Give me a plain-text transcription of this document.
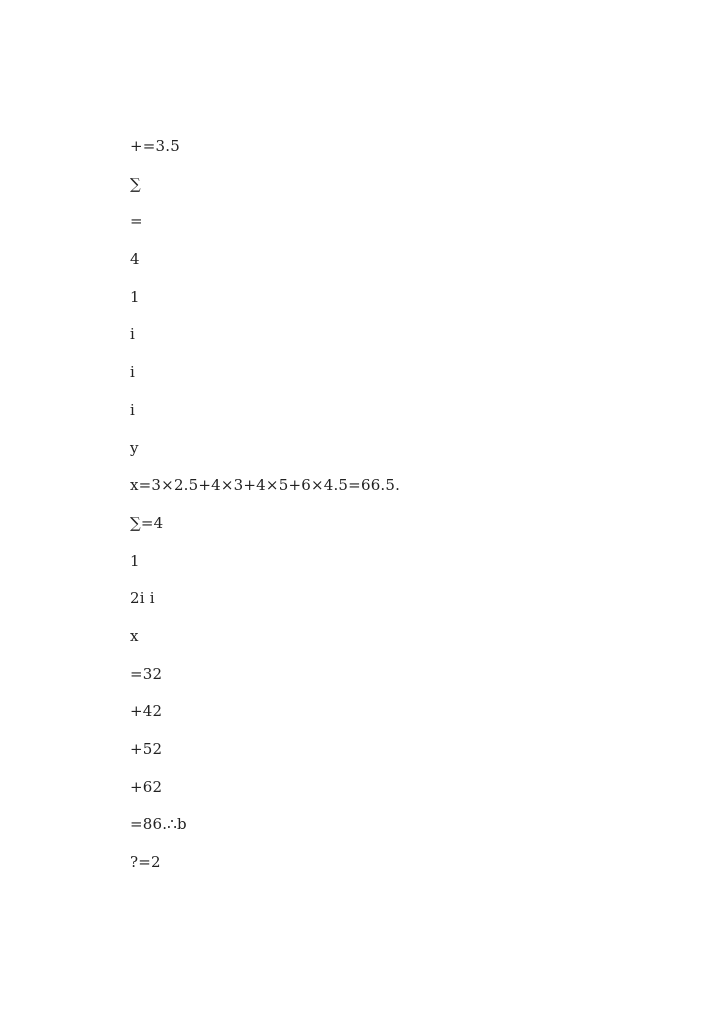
+=3.5
∑
=
4
1
i
i
i
y
x=3×2.5+4×3+4×5+6×4.5=66.5.
∑=4
1
2i i
x
=32
+42
+52
+62
=86.∴b
?=2
